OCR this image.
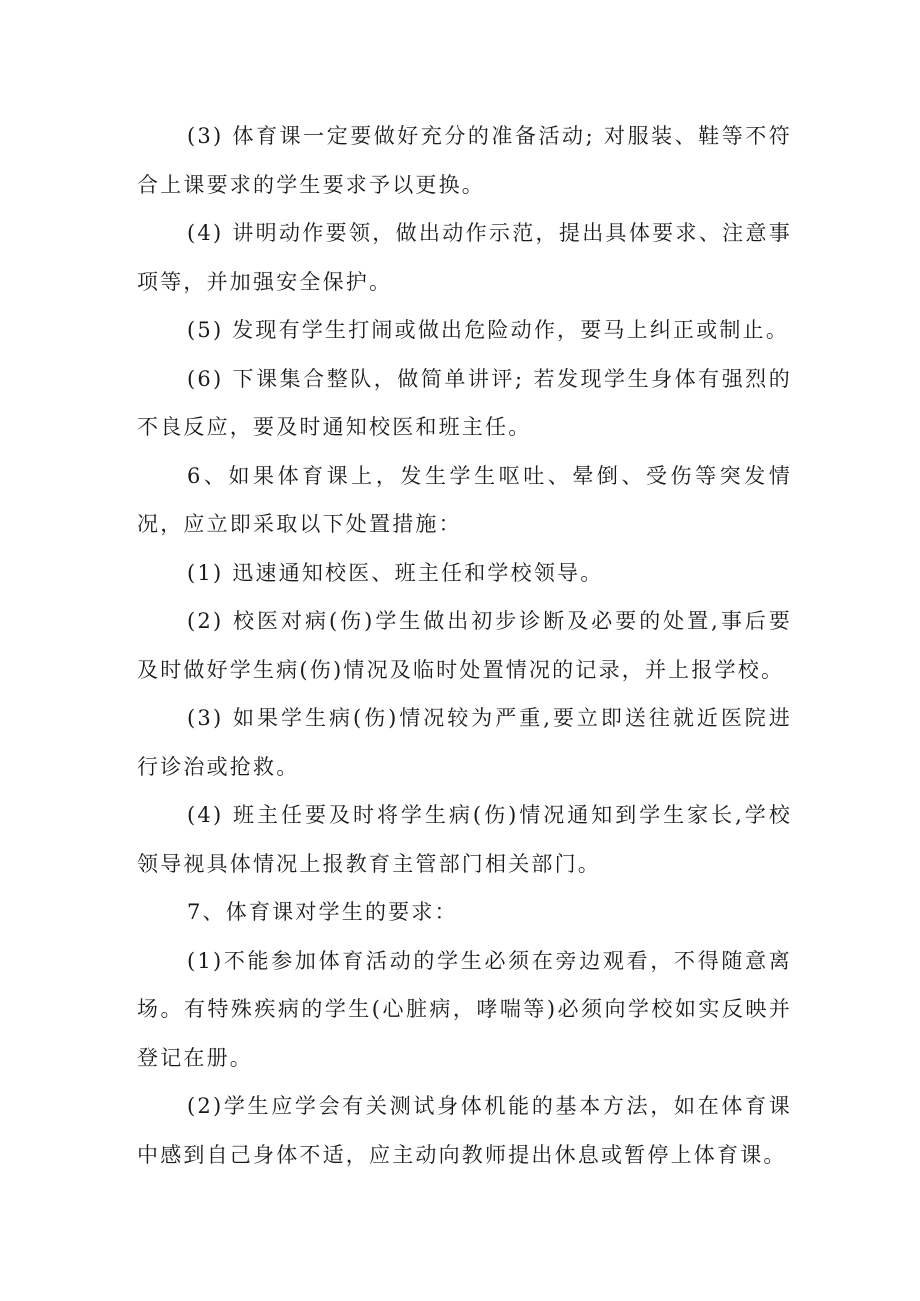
(3) 体育课一定要做好充分的准备活动; 对服装、鞋等不符合上课要求的学生要求予以更换。

(4) 讲明动作要领，做出动作示范，提出具体要求、注意事项等，并加强安全保护。

(5) 发现有学生打闹或做出危险动作，要马上纠正或制止。

(6) 下课集合整队，做简单讲评; 若发现学生身体有强烈的不良反应，要及时通知校医和班主任。

6、如果体育课上，发生学生呕吐、晕倒、受伤等突发情况，应立即采取以下处置措施：

(1) 迅速通知校医、班主任和学校领导。

(2) 校医对病(伤)学生做出初步诊断及必要的处置,事后要及时做好学生病(伤)情况及临时处置情况的记录，并上报学校。

(3) 如果学生病(伤)情况较为严重,要立即送往就近医院进行诊治或抢救。

(4) 班主任要及时将学生病(伤)情况通知到学生家长,学校领导视具体情况上报教育主管部门相关部门。

7、体育课对学生的要求：

(1)不能参加体育活动的学生必须在旁边观看，不得随意离场。有特殊疾病的学生(心脏病，哮喘等)必须向学校如实反映并登记在册。

(2)学生应学会有关测试身体机能的基本方法，如在体育课中感到自己身体不适，应主动向教师提出休息或暂停上体育课。
